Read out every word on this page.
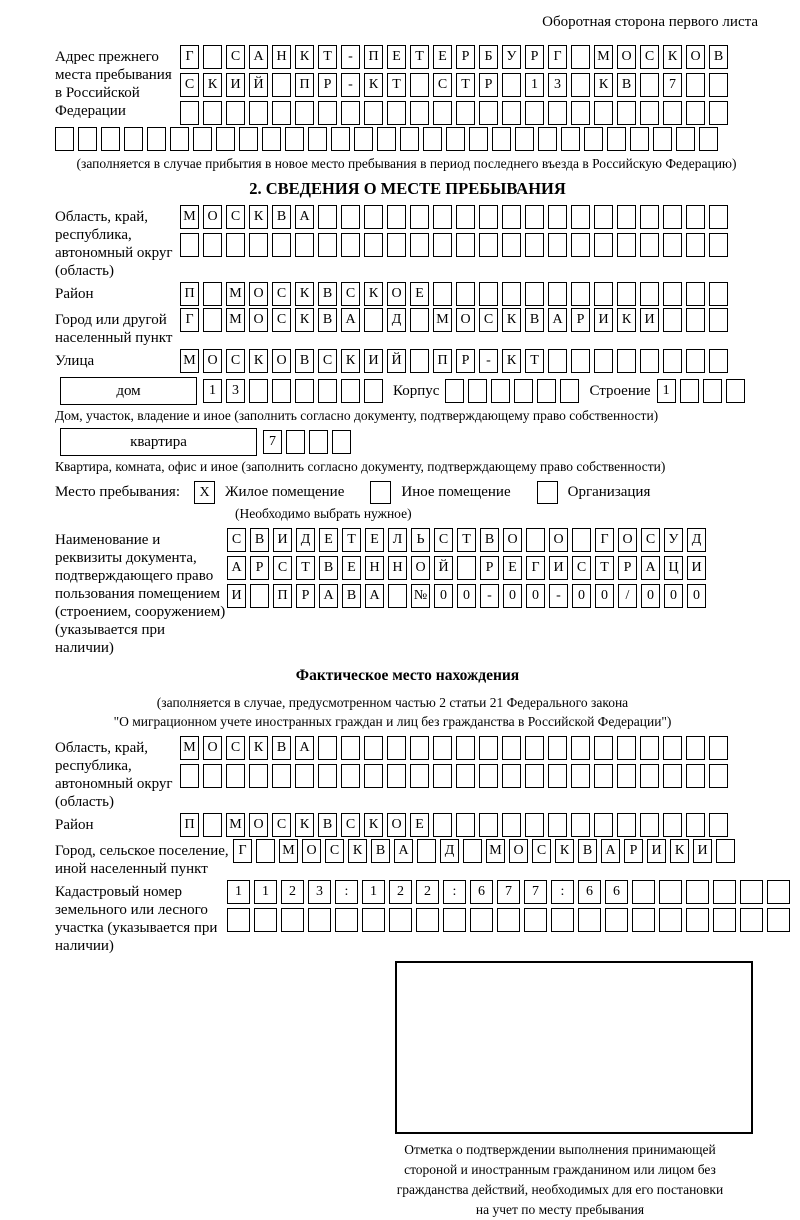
Оборотная сторона первого листа
Адрес прежнего места пребывания в Российской Федерации
Г	С А Н К	Т	-	П Е	Т	Е	Р	Б	У	Р	Г	М О С К О В
С К И Й	П	Р	-	К	Т	С	Т	Р	1	3	К В	7
(заполняется в случае прибытия в новое место пребывания в период последнего въезда в Российскую Федерацию)
2. СВЕДЕНИЯ О МЕСТЕ ПРЕБЫВАНИЯ
Область, край, республика, автономный округ (область)
М О С К В А
Район	П	М О С К В С К О Е
Город или другой населенный пункт
Г	М О С К В А	Д	М О С К В А	Р	И К И
Улица	М О С К О В С К И Й	П	Р	-	К	Т
дом	1	3	Корпус	Строение 1
Дом, участок, владение и иное (заполнить согласно документу, подтверждающему право собственности)
квартира	7
Квартира, комната, офис и иное (заполнить согласно документу, подтверждающему право собственности)
Место пребывания:	X	Жилое помещение	Иное помещение	Организация
(Необходимо выбрать нужное)
Наименование и реквизиты документа, подтверждающего право пользования помещением (строением, сооружением) (указывается при наличии)
С В И Д Е	Т	Е Л	Ь	С	Т	В О	О	Г О С У Д
А	Р	С	Т	В	Е Н Н О Й	Р	Е	Г И С	Т	Р	А Ц И
И	П	Р	А В А	№ 0	0	-	0	0	-	0	0	/	0	0	0
Фактическое место нахождения
(заполняется в случае, предусмотренном частью 2 статьи 21 Федерального закона
"О миграционном учете иностранных граждан и лиц без гражданства в Российской Федерации")
Область, край, республика, автономный округ (область)
М О С К В А
Район	П	М О С К В С К О Е
Город, сельское поселение, иной населенный пункт
Г	М О С К В А	Д	М О С К В А	Р	И К И
Кадастровый номер земельного или лесного участка (указывается при наличии)
1	1	2	3	:	1	2	2	:	6	7	7	:	6	6
Отметка о подтверждении выполнения принимающей
стороной и иностранным гражданином или лицом без
гражданства действий, необходимых для его постановки
на учет по месту пребывания
